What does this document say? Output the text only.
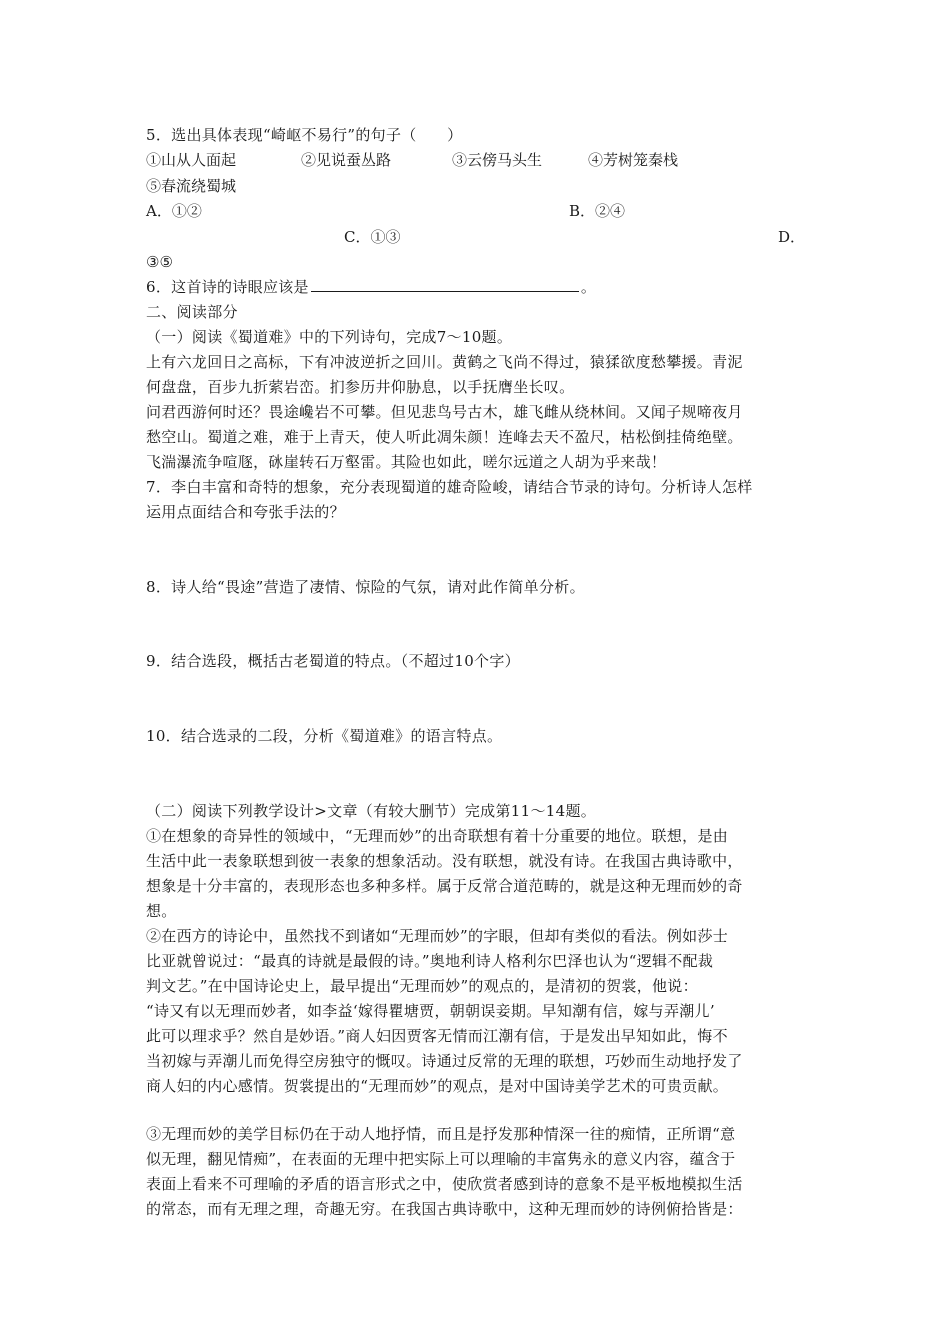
5．选出具体表现“崎岖不易行”的句子（　　）
①山从人面起	②见说蚕丛路	③云傍马头生	④芳树笼秦栈
⑤春流绕蜀城
A．①②	B．②④
C．①③	D．
③⑤
6．这首诗的诗眼应该是	。
二、阅读部分
（一）阅读《蜀道难》中的下列诗句，完成7～10题。
上有六龙回日之高标，下有冲波逆折之回川。黄鹤之飞尚不得过，猿猱欲度愁攀援。青泥
何盘盘，百步九折萦岩峦。扪参历井仰胁息，以手抚膺坐长叹。
问君西游何时还？畏途巉岩不可攀。但见悲鸟号古木，雄飞雌从绕林间。又闻子规啼夜月
愁空山。蜀道之难，难于上青天，使人听此凋朱颜！连峰去天不盈尺，枯松倒挂倚绝壁。
飞湍瀑流争喧豗，砯崖转石万壑雷。其险也如此，嗟尔远道之人胡为乎来哉！
7．李白丰富和奇特的想象，充分表现蜀道的雄奇险峻，请结合节录的诗句。分析诗人怎样
运用点面结合和夸张手法的？
8．诗人给“畏途”营造了凄情、惊险的气氛，请对此作简单分析。
9．结合选段，概括古老蜀道的特点。（不超过10个字）
10．结合选录的二段，分析《蜀道难》的语言特点。
（二）阅读下列教学设计>文章（有较大删节）完成第11～14题。
①在想象的奇异性的领域中，“无理而妙”的出奇联想有着十分重要的地位。联想，是由
生活中此一表象联想到彼一表象的想象活动。没有联想，就没有诗。在我国古典诗歌中，
想象是十分丰富的，表现形态也多种多样。属于反常合道范畴的，就是这种无理而妙的奇
想。
②在西方的诗论中，虽然找不到诸如“无理而妙”的字眼，但却有类似的看法。例如莎士
比亚就曾说过：“最真的诗就是最假的诗。”奥地利诗人格利尔巴泽也认为“逻辑不配裁
判文艺。”在中国诗论史上，最早提出“无理而妙”的观点的，是清初的贺裳，他说：
“诗又有以无理而妙者，如李益‘嫁得瞿塘贾，朝朝误妾期。早知潮有信，嫁与弄潮儿’
此可以理求乎？然自是妙语。”商人妇因贾客无情而江潮有信，于是发出早知如此，悔不
当初嫁与弄潮儿而免得空房独守的慨叹。诗通过反常的无理的联想，巧妙而生动地抒发了
商人妇的内心感情。贺裳提出的“无理而妙”的观点，是对中国诗美学艺术的可贵贡献。
③无理而妙的美学目标仍在于动人地抒情，而且是抒发那种情深一往的痴情，正所谓“意
似无理，翻见情痴”，在表面的无理中把实际上可以理喻的丰富隽永的意义内容，蕴含于
表面上看来不可理喻的矛盾的语言形式之中，使欣赏者感到诗的意象不是平板地模拟生活
的常态，而有无理之理，奇趣无穷。在我国古典诗歌中，这种无理而妙的诗例俯拾皆是：
